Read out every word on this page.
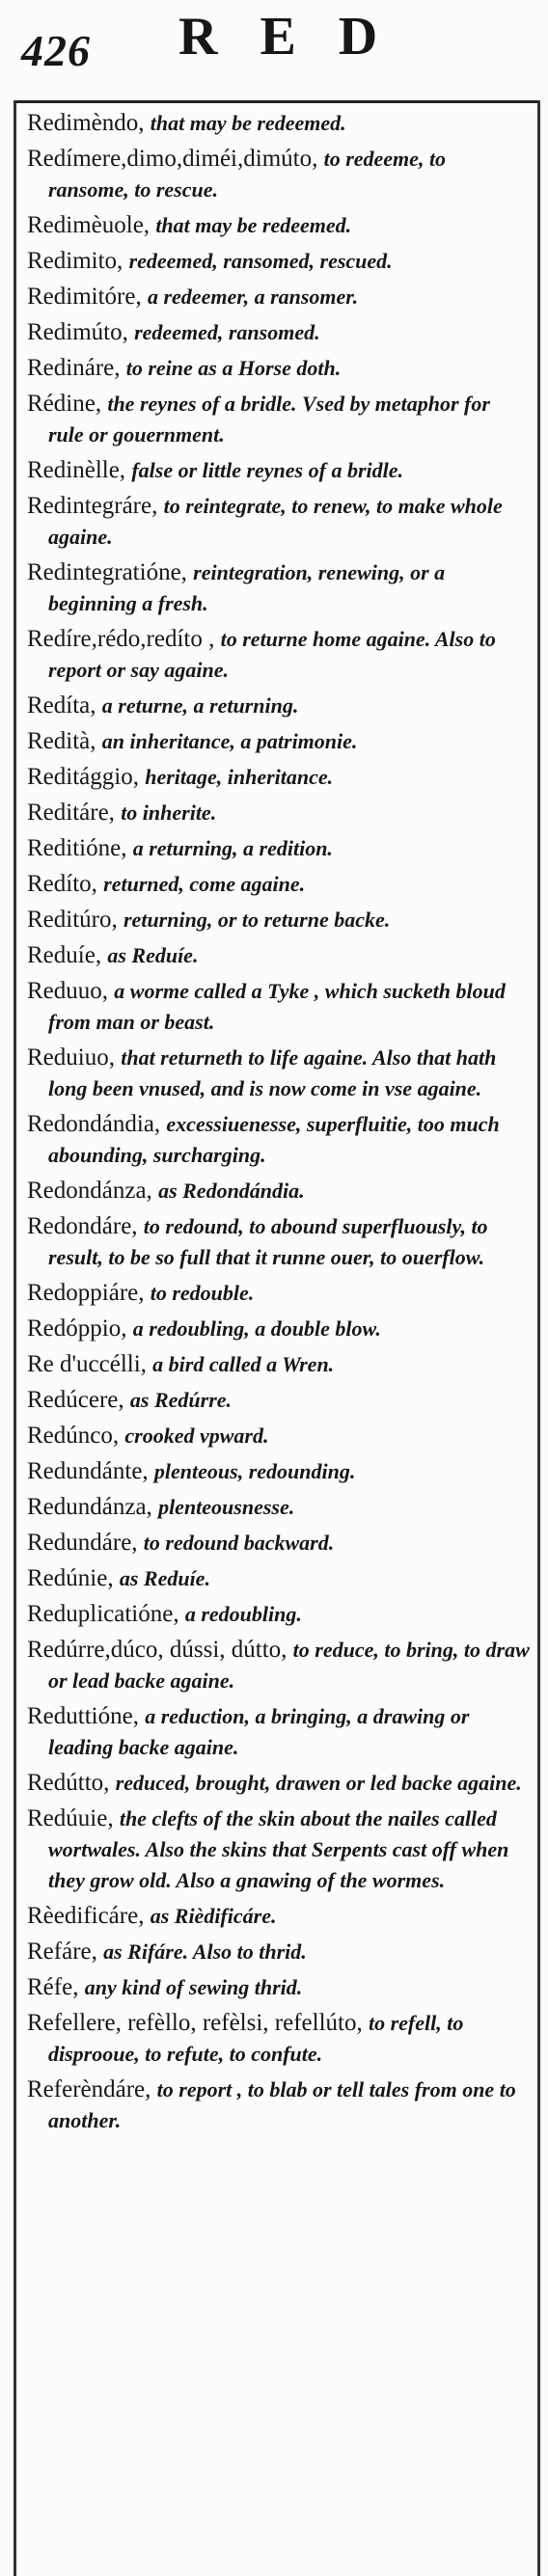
426 RED

Redimèndo, that may be redeemed.

Redímere,dimo,diméi,dimúto, to redeeme, to ransome, to rescue.

Redimèuole, that may be redeemed.

Redimito, redeemed, ransomed, rescued.

Redimitóre, a redeemer, a ransomer.

Redimúto, redeemed, ransomed.

Redináre, to reine as a Horse doth.

Rédine, the reynes of a bridle. Vsed by metaphor for rule or gouernment.

Redinèlle, false or little reynes of a bridle.

Redintegráre, to reintegrate, to renew, to make whole againe.

Redintegratióne, reintegration, renewing, or a beginning a fresh.

Redíre,rédo,redíto , to returne home againe. Also to report or say againe.

Redíta, a returne, a returning.

Redità, an inheritance, a patrimonie.

Reditággio, heritage, inheritance.

Reditáre, to inherite.

Reditióne, a returning, a redition.

Redíto, returned, come againe.

Reditúro, returning, or to returne backe.

Reduíe, as Reduíe.

Reduuo, a worme called a Tyke , which sucketh bloud from man or beast.

Reduiuo, that returneth to life againe. Also that hath long been vnused, and is now come in vse againe.

Redondándia, excessiuenesse, superfluitie, too much abounding, surcharging.

Redondánza, as Redondándia.

Redondáre, to redound, to abound superfluously, to result, to be so full that it runne ouer, to ouerflow.

Redoppiáre, to redouble.

Redóppio, a redoubling, a double blow.

Re d'uccélli, a bird called a Wren.

Redúcere, as Redúrre.

Redúnco, crooked vpward.

Redundánte, plenteous, redounding.

Redundánza, plenteousnesse.

Redundáre, to redound backward.

Redúnie, as Reduíe.

Reduplicatióne, a redoubling.

Redúrre,dúco, dússi, dútto, to reduce, to bring, to draw or lead backe againe.

Reduttióne, a reduction, a bringing, a drawing or leading backe againe.

Redútto, reduced, brought, drawen or led backe againe.

Redúuie, the clefts of the skin about the nailes called wortwales. Also the skins that Serpents cast off when they grow old. Also a gnawing of the wormes.

Rèedificáre, as Rièdificáre.

Refáre, as Rifáre. Also to thrid.

Réfe, any kind of sewing thrid.

Refellere, refèllo, refèlsi, refellúto, to refell, to disprooue, to refute, to confute.

Referèndáre, to report , to blab or tell tales from one to another.
